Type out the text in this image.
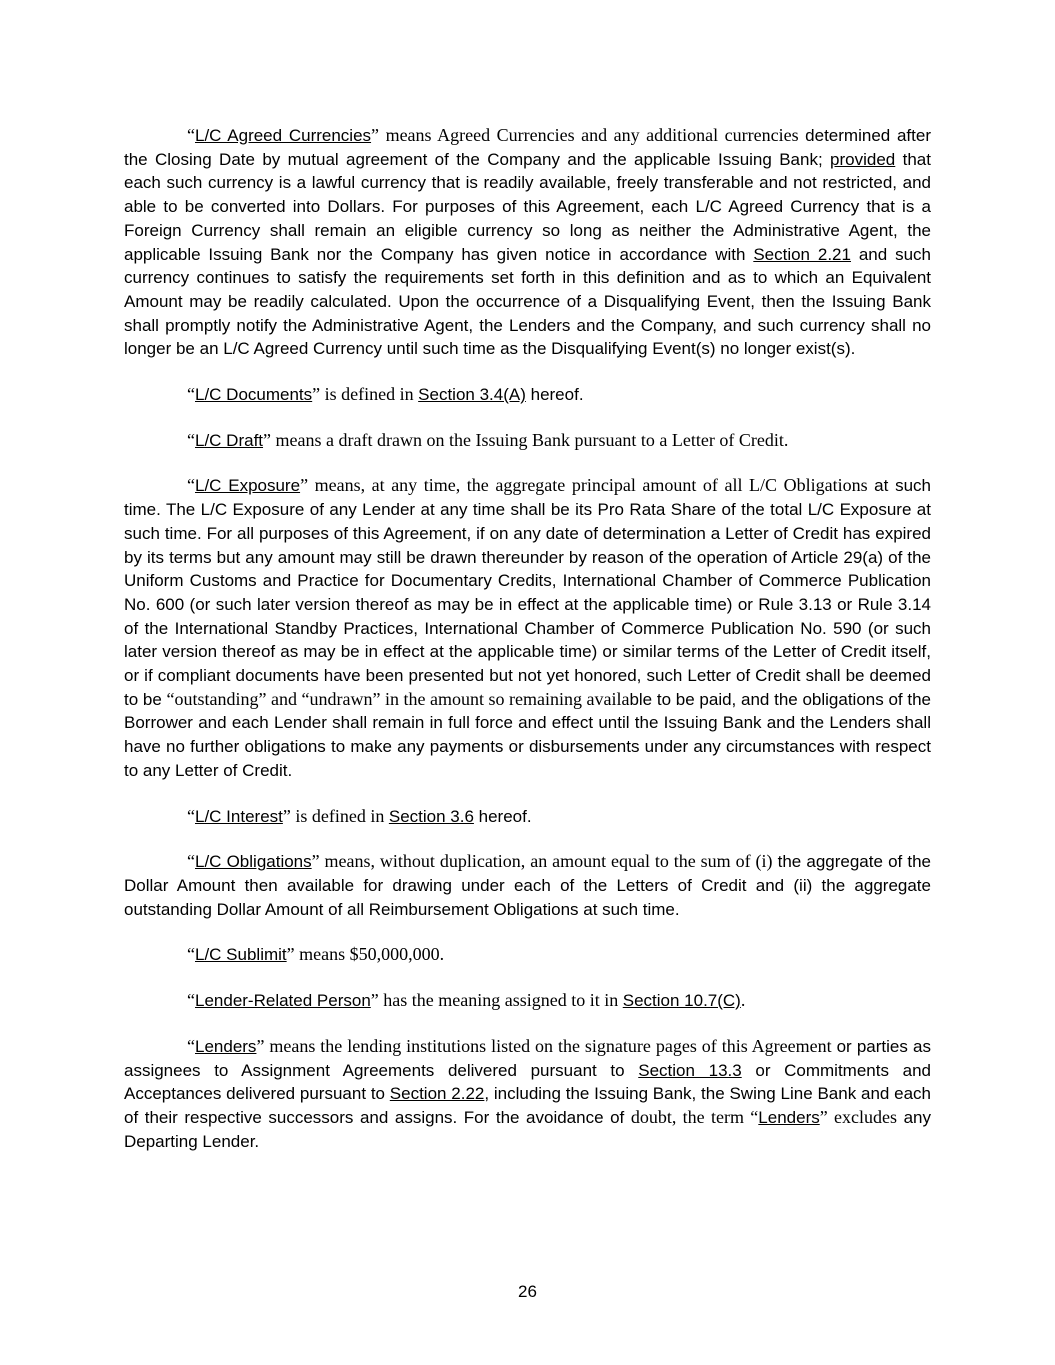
“L/C Agreed Currencies” means Agreed Currencies and any additional currencies determined after the Closing Date by mutual agreement of the Company and the applicable Issuing Bank; provided that each such currency is a lawful currency that is readily available, freely transferable and not restricted, and able to be converted into Dollars. For purposes of this Agreement, each L/C Agreed Currency that is a Foreign Currency shall remain an eligible currency so long as neither the Administrative Agent, the applicable Issuing Bank nor the Company has given notice in accordance with Section 2.21 and such currency continues to satisfy the requirements set forth in this definition and as to which an Equivalent Amount may be readily calculated. Upon the occurrence of a Disqualifying Event, then the Issuing Bank shall promptly notify the Administrative Agent, the Lenders and the Company, and such currency shall no longer be an L/C Agreed Currency until such time as the Disqualifying Event(s) no longer exist(s).

“L/C Documents” is defined in Section 3.4(A) hereof.

“L/C Draft” means a draft drawn on the Issuing Bank pursuant to a Letter of Credit.

“L/C Exposure” means, at any time, the aggregate principal amount of all L/C Obligations at such time. The L/C Exposure of any Lender at any time shall be its Pro Rata Share of the total L/C Exposure at such time. For all purposes of this Agreement, if on any date of determination a Letter of Credit has expired by its terms but any amount may still be drawn thereunder by reason of the operation of Article 29(a) of the Uniform Customs and Practice for Documentary Credits, International Chamber of Commerce Publication No. 600 (or such later version thereof as may be in effect at the applicable time) or Rule 3.13 or Rule 3.14 of the International Standby Practices, International Chamber of Commerce Publication No. 590 (or such later version thereof as may be in effect at the applicable time) or similar terms of the Letter of Credit itself, or if compliant documents have been presented but not yet honored, such Letter of Credit shall be deemed to be “outstanding” and “undrawn” in the amount so remaining available to be paid, and the obligations of the Borrower and each Lender shall remain in full force and effect until the Issuing Bank and the Lenders shall have no further obligations to make any payments or disbursements under any circumstances with respect to any Letter of Credit.

“L/C Interest” is defined in Section 3.6 hereof.

“L/C Obligations” means, without duplication, an amount equal to the sum of (i) the aggregate of the Dollar Amount then available for drawing under each of the Letters of Credit and (ii) the aggregate outstanding Dollar Amount of all Reimbursement Obligations at such time.

“L/C Sublimit” means $50,000,000.

“Lender-Related Person” has the meaning assigned to it in Section 10.7(C).

“Lenders” means the lending institutions listed on the signature pages of this Agreement or parties as assignees to Assignment Agreements delivered pursuant to Section 13.3 or Commitments and Acceptances delivered pursuant to Section 2.22, including the Issuing Bank, the Swing Line Bank and each of their respective successors and assigns. For the avoidance of doubt, the term “Lenders” excludes any Departing Lender.

26
